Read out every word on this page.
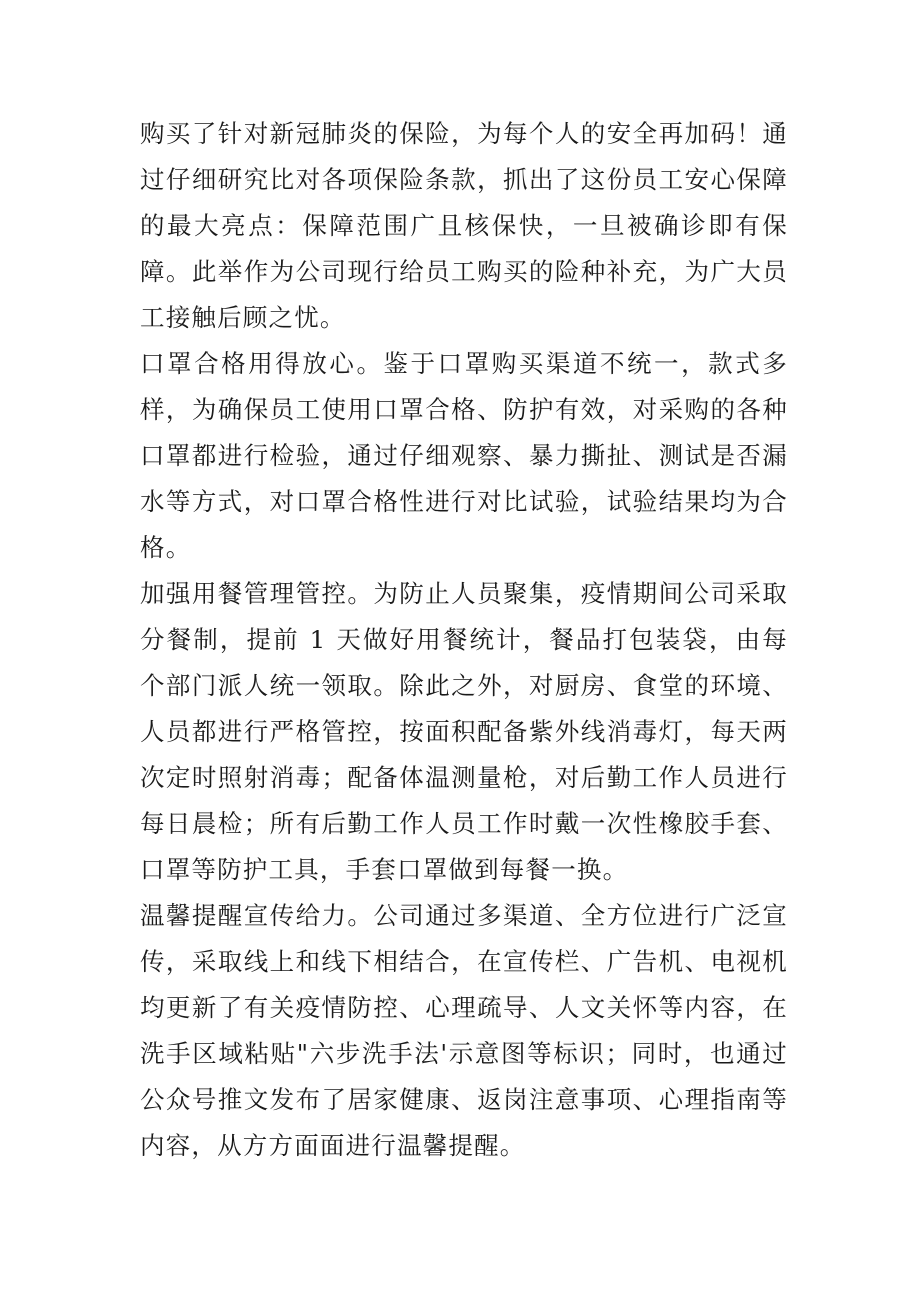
购买了针对新冠肺炎的保险，为每个人的安全再加码！通过仔细研究比对各项保险条款，抓出了这份员工安心保障的最大亮点：保障范围广且核保快，一旦被确诊即有保障。此举作为公司现行给员工购买的险种补充，为广大员工接触后顾之忧。

口罩合格用得放心。鉴于口罩购买渠道不统一，款式多样，为确保员工使用口罩合格、防护有效，对采购的各种口罩都进行检验，通过仔细观察、暴力撕扯、测试是否漏水等方式，对口罩合格性进行对比试验，试验结果均为合格。

加强用餐管理管控。为防止人员聚集，疫情期间公司采取分餐制，提前 1 天做好用餐统计，餐品打包装袋，由每个部门派人统一领取。除此之外，对厨房、食堂的环境、人员都进行严格管控，按面积配备紫外线消毒灯，每天两次定时照射消毒；配备体温测量枪，对后勤工作人员进行每日晨检；所有后勤工作人员工作时戴一次性橡胶手套、口罩等防护工具，手套口罩做到每餐一换。

温馨提醒宣传给力。公司通过多渠道、全方位进行广泛宣传，采取线上和线下相结合，在宣传栏、广告机、电视机均更新了有关疫情防控、心理疏导、人文关怀等内容，在洗手区域粘贴"六步洗手法'示意图等标识；同时，也通过公众号推文发布了居家健康、返岗注意事项、心理指南等内容，从方方面面进行温馨提醒。
